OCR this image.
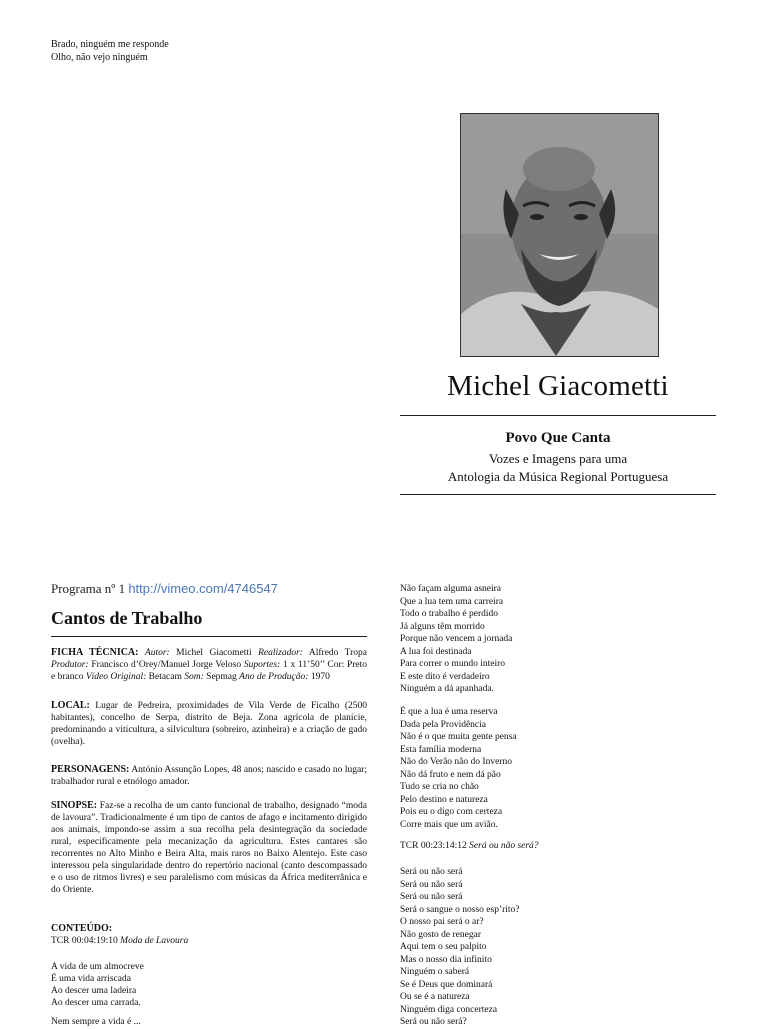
Brado, ninguém me responde
Olho, não vejo ninguém
Michel Giacometti
Povo Que Canta
Vozes e Imagens para uma
Antologia da Música Regional Portuguesa
Programa nº 1 http://vimeo.com/4746547
Cantos de Trabalho
FICHA TÉCNICA: Autor: Michel Giacometti Realizador: Alfredo Tropa Produtor: Francisco d’Orey/Manuel Jorge Veloso Suportes: 1 x 11’50’’ Cor: Preto e branco Vídeo Original: Betacam Som: Sepmag Ano de Produção: 1970
LOCAL: Lugar de Pedreira, proximidades de Vila Verde de Ficalho (2500 habitantes), concelho de Serpa, distrito de Beja. Zona agrícola de planície, predominando a viticultura, a silvicultura (sobreiro, azinheira) e a criação de gado (ovelha).
PERSONAGENS: António Assunção Lopes, 48 anos; nascido e casado no lugar; trabalhador rural e etnólogo amador.
SINOPSE: Faz-se a recolha de um canto funcional de trabalho, designado “moda de lavoura”. Tradicionalmente é um tipo de cantos de afago e incitamento dirigido aos animais, impondo-se assim a sua recolha pela desintegração da sociedade rural, especificamente pela mecanização da agricultura. Estes cantares são recorrentes no Alto Minho e Beira Alta, mais raros no Baixo Alentejo. Este caso interessou pela singularidade dentro do repertório nacional (canto descompassado e o uso de ritmos livres) e seu paralelismo com músicas da África mediterrânica e do Oriente.
CONTEÚDO:
TCR 00:04:19:10 Moda de Lavoura
A vida de um almocreve
É uma vida arriscada
Ao descer uma ladeira
Ao descer uma carrada.
Nem sempre a vida é ...
Não façam alguma asneira
Que a lua tem uma carreira
Todo o trabalho é perdido
Já alguns têm morrido
Porque não vencem a jornada
A lua foi destinada
Para correr o mundo inteiro
E este dito é verdadeiro
Ninguém a dá apanhada.
É que a lua é uma reserva
Dada pela Providência
Não é o que muita gente pensa
Esta família moderna
Não do Verão não do Inverno
Não dá fruto e nem dá pão
Tudo se cria no chão
Pelo destino e natureza
Pois eu o digo com certeza
Corre mais que um avião.
TCR 00:23:14:12 Será ou não será?
Será ou não será
Será ou não será
Será ou não será
Será o sangue o nosso esp’rito?
O nosso pai será o ar?
Não gosto de renegar
Aqui tem o seu palpito
Mas o nosso dia infinito
Ninguém o saberá
Se é Deus que dominará
Ou se é a natureza
Ninguém diga concerteza
Será ou não será?
